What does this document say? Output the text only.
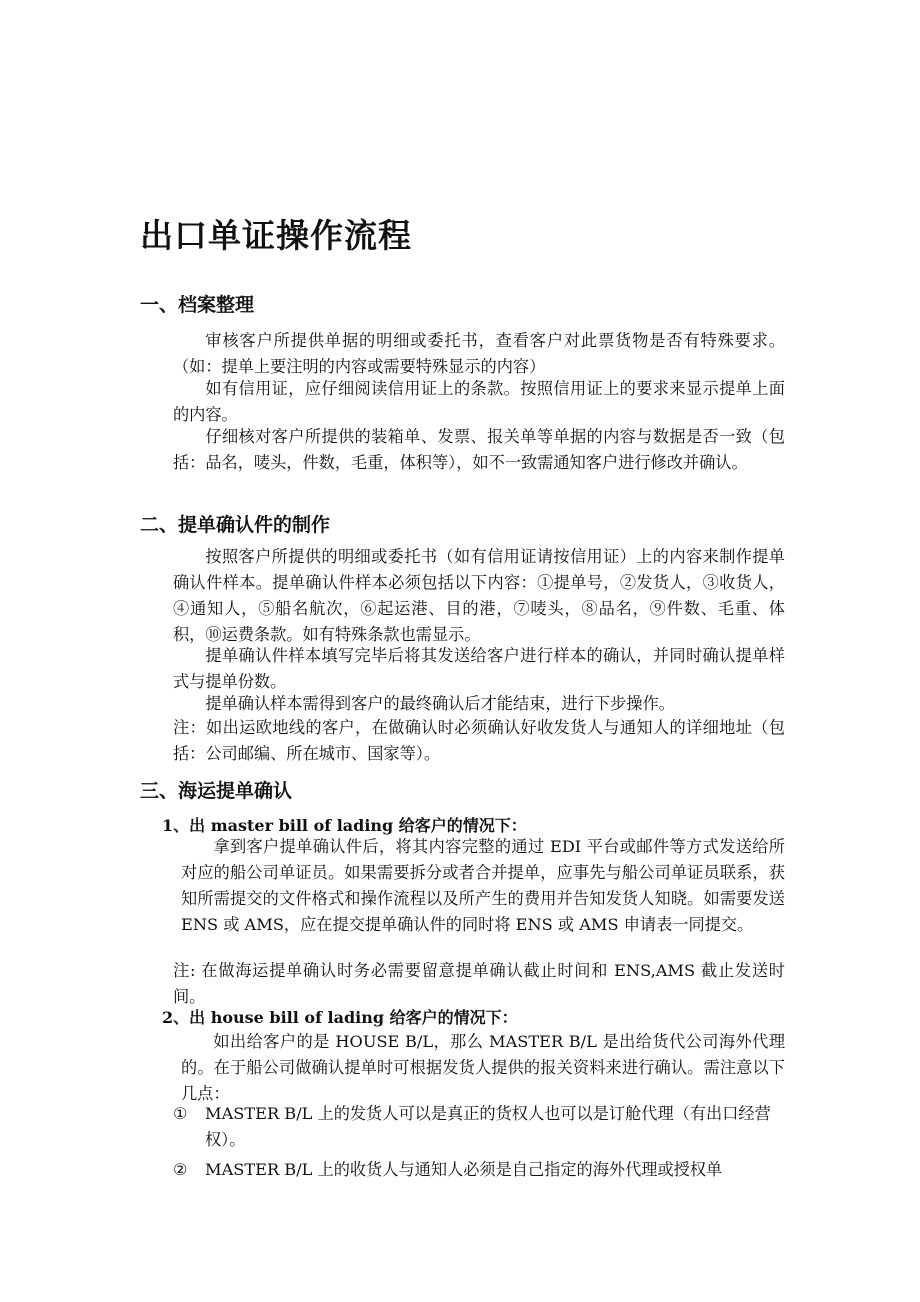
出口单证操作流程
一、档案整理

审核客户所提供单据的明细或委托书，查看客户对此票货物是否有特殊要求。（如：提单上要注明的内容或需要特殊显示的内容）

如有信用证，应仔细阅读信用证上的条款。按照信用证上的要求来显示提单上面的内容。

仔细核对客户所提供的装箱单、发票、报关单等单据的内容与数据是否一致（包括：品名，唛头，件数，毛重，体积等），如不一致需通知客户进行修改并确认。

二、提单确认件的制作

按照客户所提供的明细或委托书（如有信用证请按信用证）上的内容来制作提单确认件样本。提单确认件样本必须包括以下内容：①提单号，②发货人，③收货人，④通知人，⑤船名航次，⑥起运港、目的港，⑦唛头，⑧品名，⑨件数、毛重、体积，⑩运费条款。如有特殊条款也需显示。

提单确认件样本填写完毕后将其发送给客户进行样本的确认，并同时确认提单样式与提单份数。

提单确认样本需得到客户的最终确认后才能结束，进行下步操作。

注：如出运欧地线的客户，在做确认时必须确认好收发货人与通知人的详细地址（包括：公司邮编、所在城市、国家等）。

三、海运提单确认
1、出 master bill of lading 给客户的情况下：

拿到客户提单确认件后，将其内容完整的通过 EDI 平台或邮件等方式发送给所对应的船公司单证员。如果需要拆分或者合并提单，应事先与船公司单证员联系，获知所需提交的文件格式和操作流程以及所产生的费用并告知发货人知晓。如需要发送 ENS 或 AMS，应在提交提单确认件的同时将 ENS 或 AMS 申请表一同提交。

注: 在做海运提单确认时务必需要留意提单确认截止时间和 ENS,AMS 截止发送时间。

2、出 house bill of lading 给客户的情况下：

如出给客户的是 HOUSE B/L，那么 MASTER B/L 是出给货代公司海外代理的。在于船公司做确认提单时可根据发货人提供的报关资料来进行确认。需注意以下几点：

① MASTER B/L 上的发货人可以是真正的货权人也可以是订舱代理（有出口经营权）。

② MASTER B/L 上的收货人与通知人必须是自己指定的海外代理或授权单
